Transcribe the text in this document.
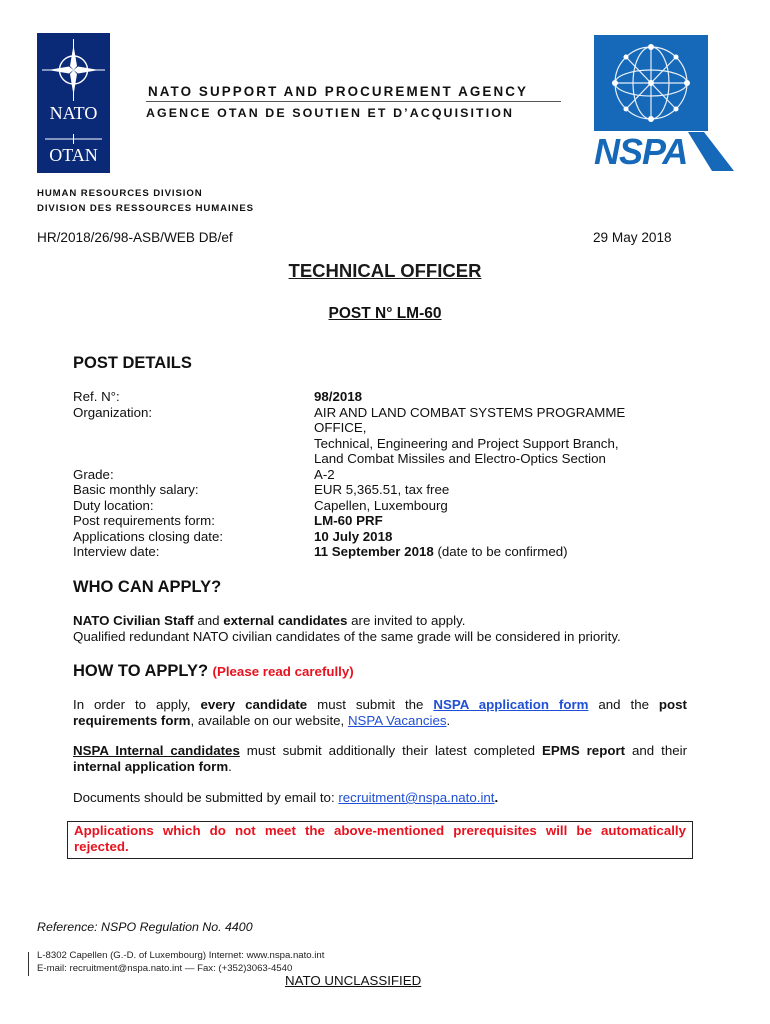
NATO
OTAN
NATO SUPPORT AND PROCUREMENT AGENCY
AGENCE OTAN DE SOUTIEN ET D’ACQUISITION
NSPA
HUMAN RESOURCES DIVISION
DIVISION DES RESSOURCES HUMAINES
HR/2018/26/98-ASB/WEB DB/ef	29 May 2018
TECHNICAL OFFICER
POST N° LM-60
POST DETAILS
Ref. N°:
Organization:
Grade:
Basic monthly salary:
Duty location:
Post requirements form:
Applications closing date:
Interview date:
98/2018
AIR AND LAND COMBAT SYSTEMS PROGRAMME
OFFICE,
Technical, Engineering and Project Support Branch,
Land Combat Missiles and Electro-Optics Section
A-2
EUR 5,365.51, tax free
Capellen, Luxembourg
LM-60 PRF
10 July 2018
11 September 2018 (date to be confirmed)
WHO CAN APPLY?
NATO Civilian Staff and external candidates are invited to apply.
Qualified redundant NATO civilian candidates of the same grade will be considered in priority.
HOW TO APPLY? (Please read carefully)
In order to apply, every candidate must submit the NSPA application form and the post requirements form, available on our website, NSPA Vacancies.
NSPA Internal candidates must submit additionally their latest completed EPMS report and their internal application form.
Documents should be submitted by email to: recruitment@nspa.nato.int.
Applications which do not meet the above-mentioned prerequisites will be automatically rejected.
Reference: NSPO Regulation No. 4400
L-8302 Capellen (G.-D. of Luxembourg) Internet: www.nspa.nato.int
E-mail: recruitment@nspa.nato.int — Fax: (+352)3063-4540
NATO UNCLASSIFIED
